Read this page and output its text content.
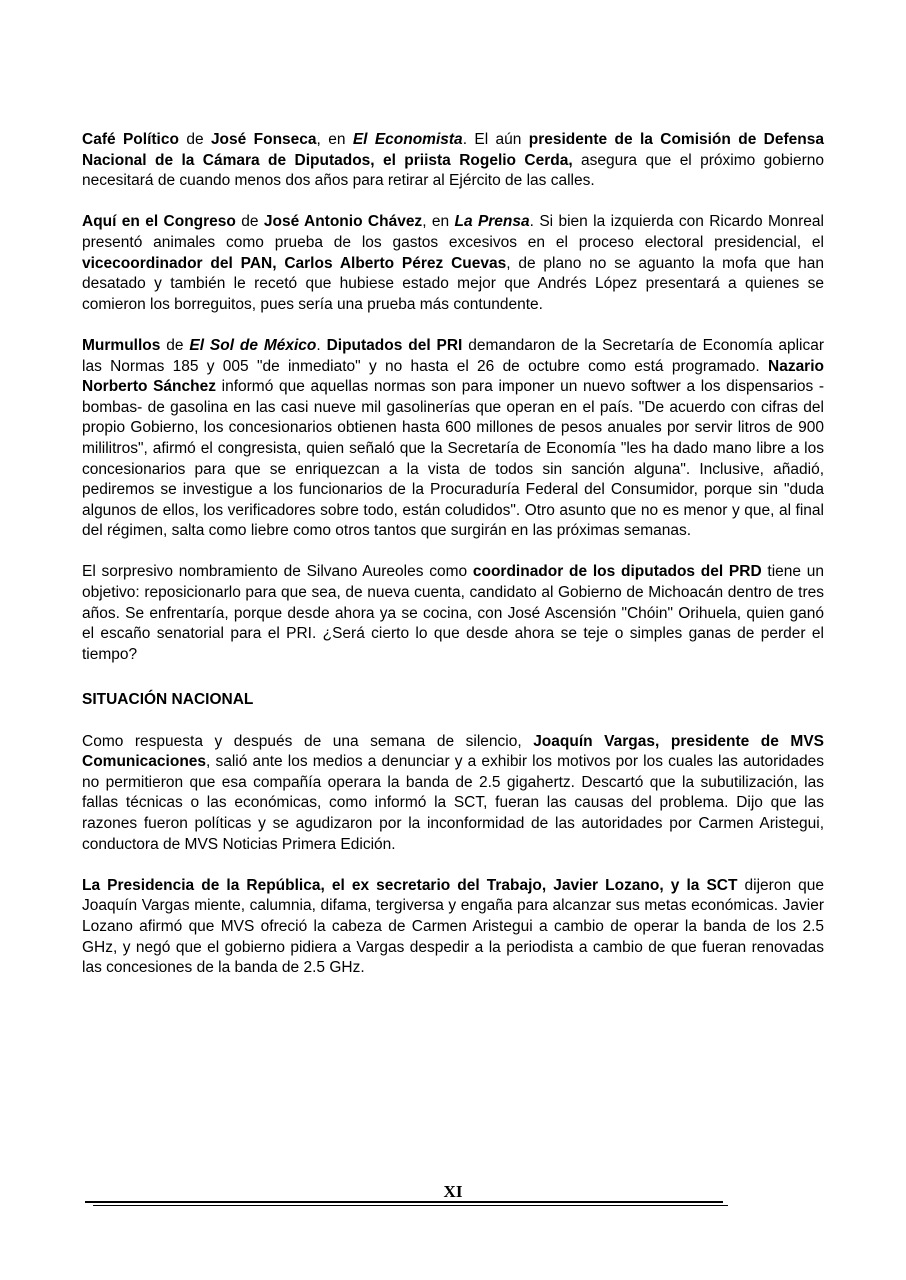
Café Político de José Fonseca, en El Economista. El aún presidente de la Comisión de Defensa Nacional de la Cámara de Diputados, el priista Rogelio Cerda, asegura que el próximo gobierno necesitará de cuando menos dos años para retirar al Ejército de las calles.

Aquí en el Congreso de José Antonio Chávez, en La Prensa. Si bien la izquierda con Ricardo Monreal presentó animales como prueba de los gastos excesivos en el proceso electoral presidencial, el vicecoordinador del PAN, Carlos Alberto Pérez Cuevas, de plano no se aguanto la mofa que han desatado y también le recetó que hubiese estado mejor que Andrés López presentará a quienes se comieron los borreguitos, pues sería una prueba más contundente.

Murmullos de El Sol de México. Diputados del PRI demandaron de la Secretaría de Economía aplicar las Normas 185 y 005 "de inmediato" y no hasta el 26 de octubre como está programado. Nazario Norberto Sánchez informó que aquellas normas son para imponer un nuevo softwer a los dispensarios -bombas- de gasolina en las casi nueve mil gasolinerías que operan en el país. "De acuerdo con cifras del propio Gobierno, los concesionarios obtienen hasta 600 millones de pesos anuales por servir litros de 900 mililitros", afirmó el congresista, quien señaló que la Secretaría de Economía "les ha dado mano libre a los concesionarios para que se enriquezcan a la vista de todos sin sanción alguna". Inclusive, añadió, pediremos se investigue a los funcionarios de la Procuraduría Federal del Consumidor, porque sin "duda algunos de ellos, los verificadores sobre todo, están coludidos". Otro asunto que no es menor y que, al final del régimen, salta como liebre como otros tantos que surgirán en las próximas semanas.

El sorpresivo nombramiento de Silvano Aureoles como coordinador de los diputados del PRD tiene un objetivo: reposicionarlo para que sea, de nueva cuenta, candidato al Gobierno de Michoacán dentro de tres años. Se enfrentaría, porque desde ahora ya se cocina, con José Ascensión "Chóin" Orihuela, quien ganó el escaño senatorial para el PRI. ¿Será cierto lo que desde ahora se teje o simples ganas de perder el tiempo?

SITUACIÓN NACIONAL

Como respuesta y después de una semana de silencio, Joaquín Vargas, presidente de MVS Comunicaciones, salió ante los medios a denunciar y a exhibir los motivos por los cuales las autoridades no permitieron que esa compañía operara la banda de 2.5 gigahertz. Descartó que la subutilización, las fallas técnicas o las económicas, como informó la SCT, fueran las causas del problema. Dijo que las razones fueron políticas y se agudizaron por la inconformidad de las autoridades por Carmen Aristegui, conductora de MVS Noticias Primera Edición.

La Presidencia de la República, el ex secretario del Trabajo, Javier Lozano, y la SCT dijeron que Joaquín Vargas miente, calumnia, difama, tergiversa y engaña para alcanzar sus metas económicas. Javier Lozano afirmó que MVS ofreció la cabeza de Carmen Aristegui a cambio de operar la banda de los 2.5 GHz, y negó que el gobierno pidiera a Vargas despedir a la periodista a cambio de que fueran renovadas las concesiones de la banda de 2.5 GHz.

XI
